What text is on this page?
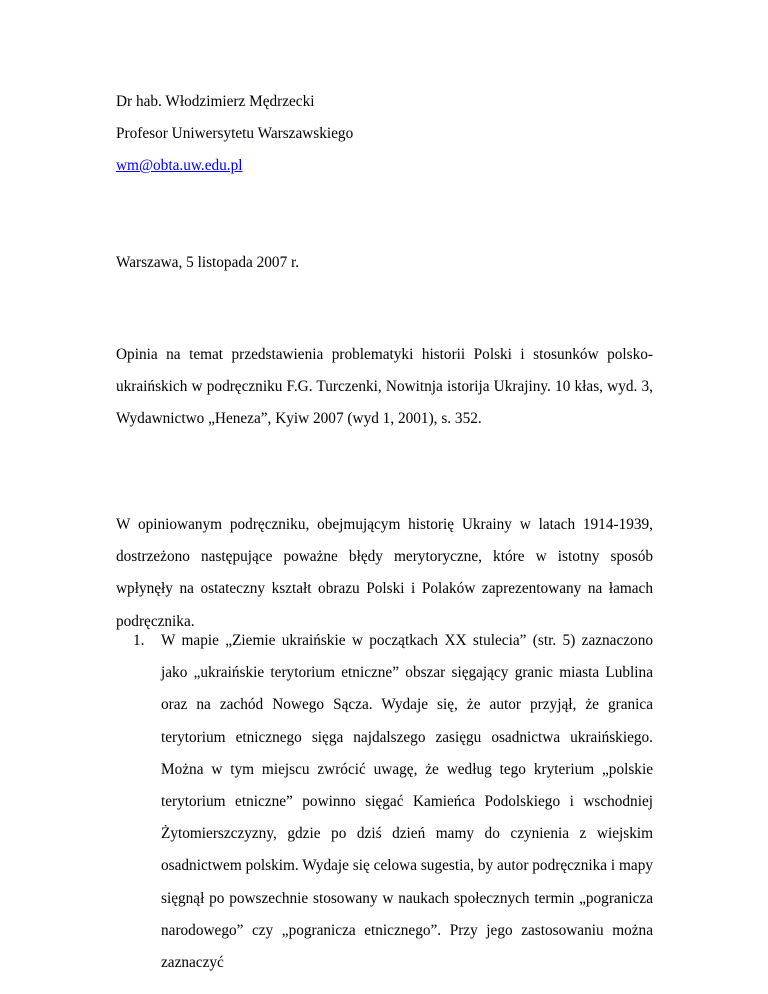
Dr hab. Włodzimierz Mędrzecki
Profesor Uniwersytetu Warszawskiego
wm@obta.uw.edu.pl
Warszawa, 5 listopada 2007 r.
Opinia na temat przedstawienia problematyki historii Polski i stosunków polsko-ukraińskich w podręczniku F.G. Turczenki, Nowitnja istorija Ukrajiny. 10 kłas, wyd. 3, Wydawnictwo „Heneza”, Kyiw 2007 (wyd 1, 2001), s. 352.
W opiniowanym podręczniku, obejmującym historię Ukrainy w latach 1914-1939, dostrzeżono następujące poważne błędy merytoryczne, które w istotny sposób wpłynęły na ostateczny kształt obrazu Polski i Polaków zaprezentowany na łamach podręcznika.
1. W mapie „Ziemie ukraińskie w początkach XX stulecia” (str. 5) zaznaczono jako „ukraińskie terytorium etniczne” obszar sięgający granic miasta Lublina oraz na zachód Nowego Sącza. Wydaje się, że autor przyjął, że granica terytorium etnicznego sięga najdalszego zasięgu osadnictwa ukraińskiego. Można w tym miejscu zwrócić uwagę, że według tego kryterium „polskie terytorium etniczne” powinno sięgać Kamieńca Podolskiego i wschodniej Żytomierszczyzny, gdzie po dziś dzień mamy do czynienia z wiejskim osadnictwem polskim. Wydaje się celowa sugestia, by autor podręcznika i mapy sięgnął po powszechnie stosowany w naukach społecznych termin „pogranicza narodowego” czy „pogranicza etnicznego”. Przy jego zastosowaniu można zaznaczyć
